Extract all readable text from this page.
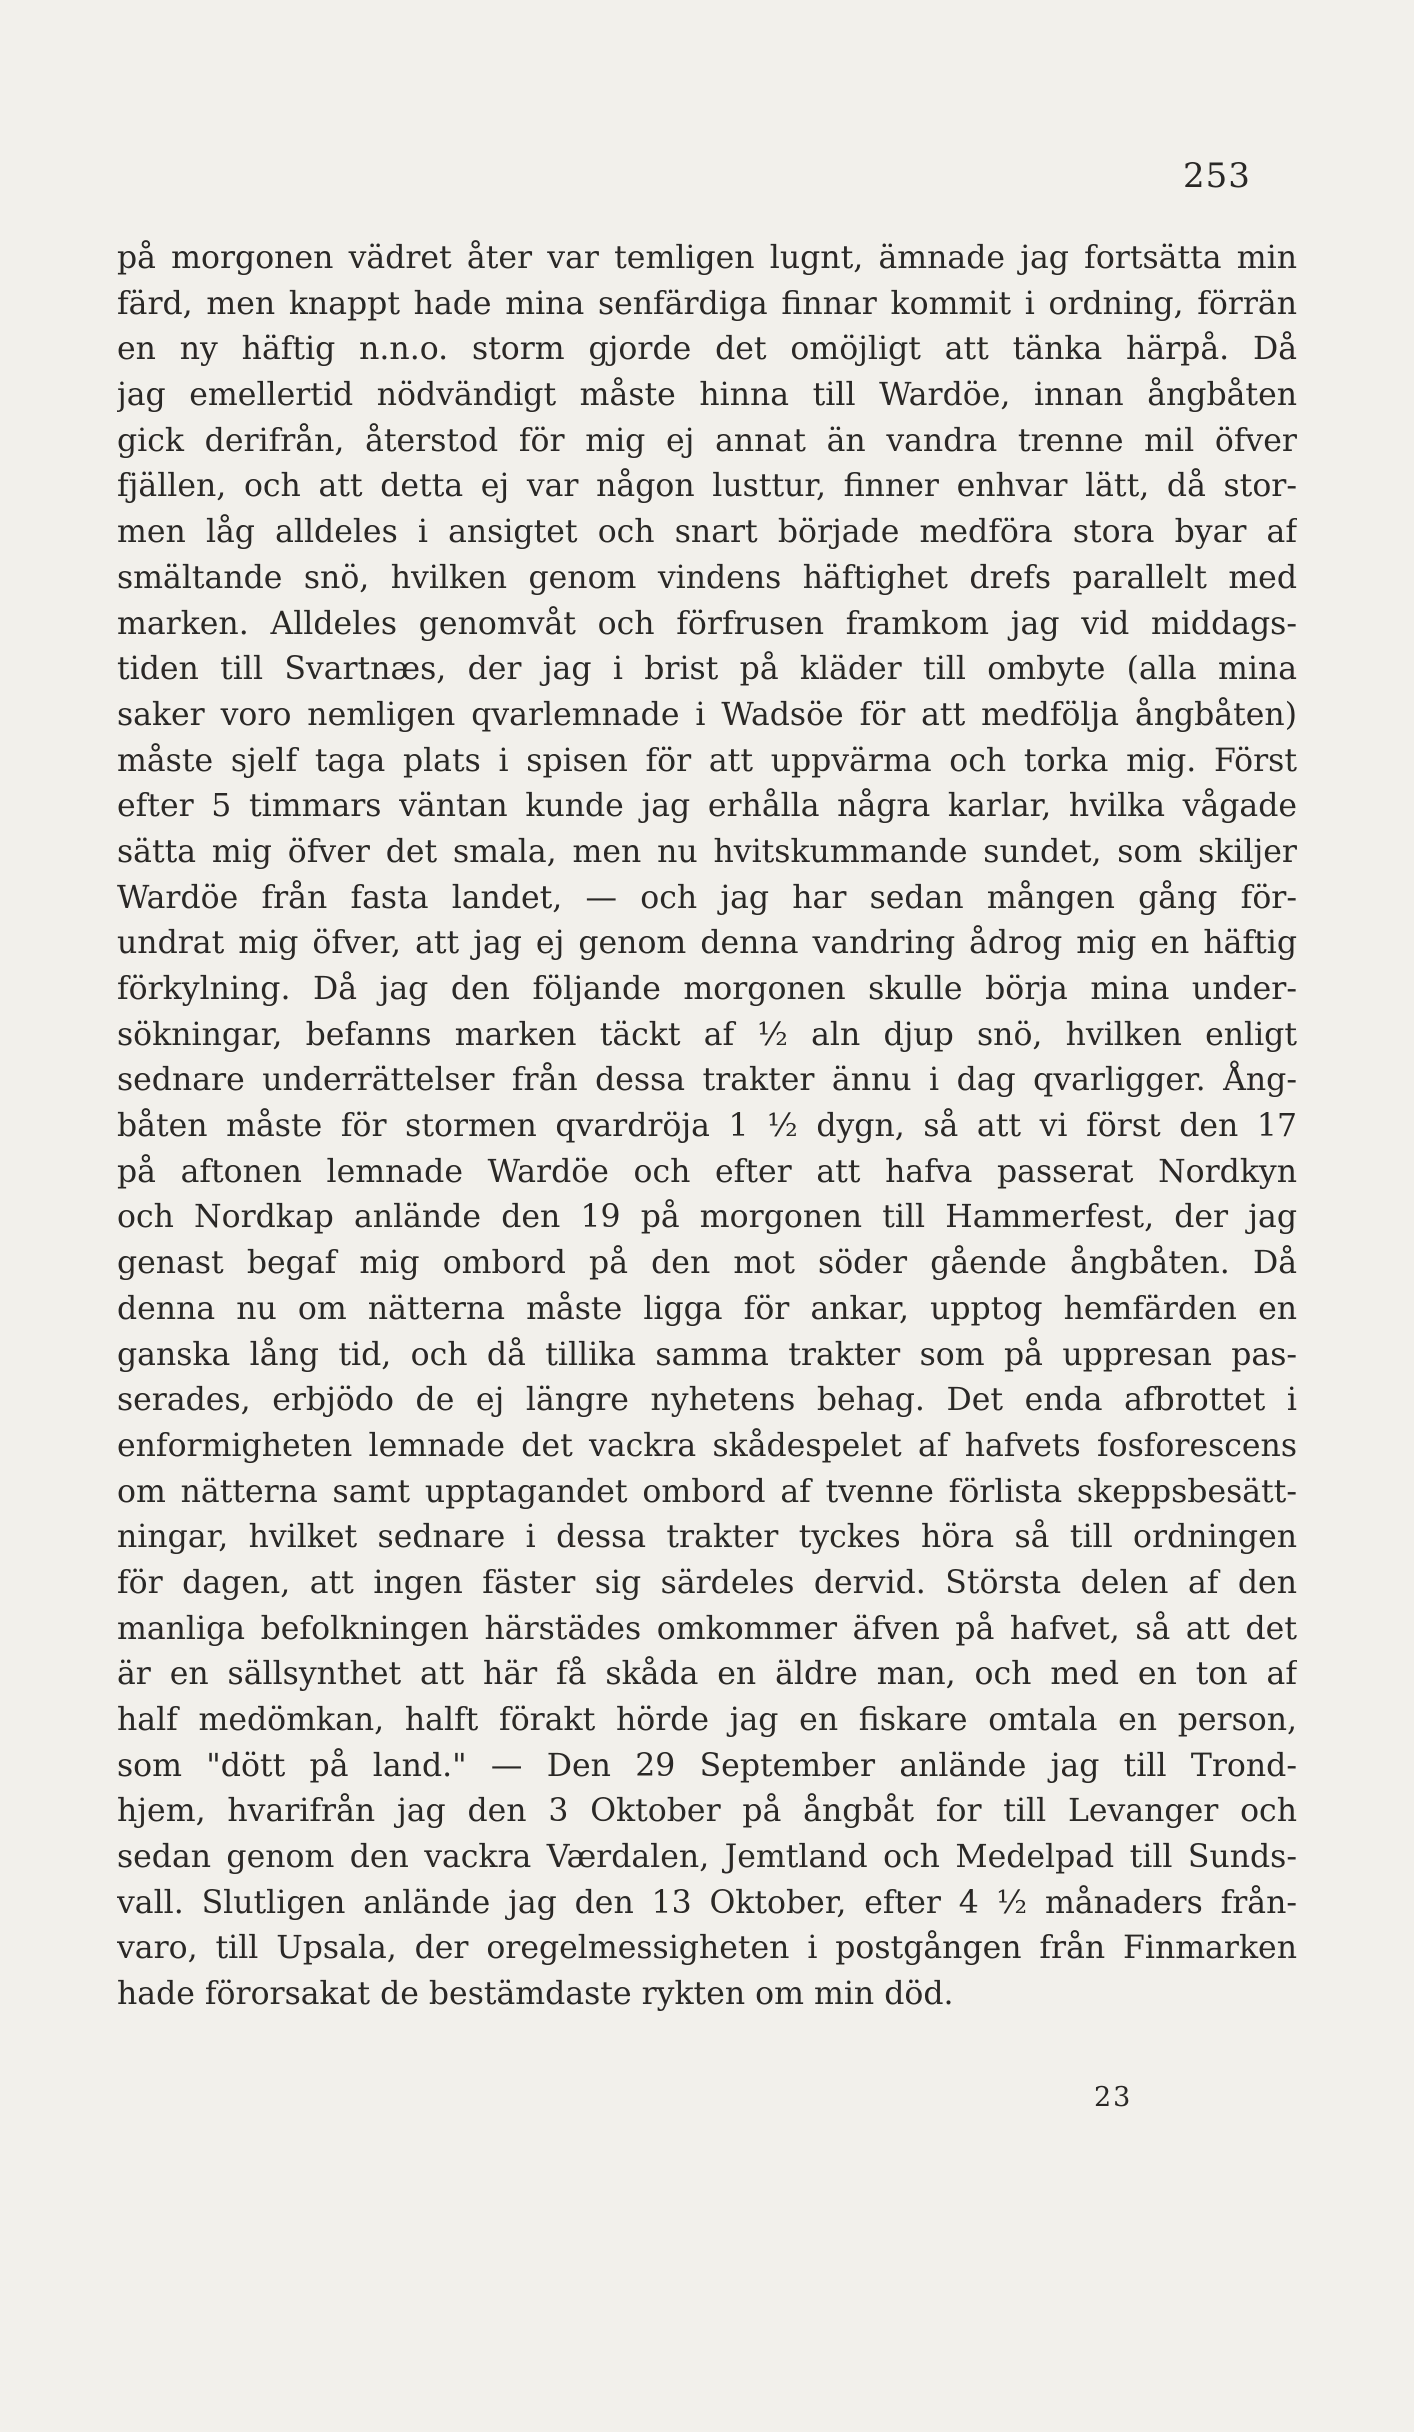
253
på morgonen vädret åter var temligen lugnt, ämnade jag fortsätta min
färd, men knappt hade mina senfärdiga finnar kommit i ordning, förrän
en ny häftig n.n.o. storm gjorde det omöjligt att tänka härpå. Då
jag emellertid nödvändigt måste hinna till Wardöe, innan ångbåten
gick derifrån, återstod för mig ej annat än vandra trenne mil öfver
fjällen, och att detta ej var någon lusttur, finner enhvar lätt, då stor-
men låg alldeles i ansigtet och snart började medföra stora byar af
smältande snö, hvilken genom vindens häftighet drefs parallelt med
marken. Alldeles genomvåt och förfrusen framkom jag vid middags-
tiden till Svartnæs, der jag i brist på kläder till ombyte (alla mina
saker voro nemligen qvarlemnade i Wadsöe för att medfölja ångbåten)
måste sjelf taga plats i spisen för att uppvärma och torka mig. Först
efter 5 timmars väntan kunde jag erhålla några karlar, hvilka vågade
sätta mig öfver det smala, men nu hvitskummande sundet, som skiljer
Wardöe från fasta landet, — och jag har sedan mången gång för-
undrat mig öfver, att jag ej genom denna vandring ådrog mig en häftig
förkylning. Då jag den följande morgonen skulle börja mina under-
sökningar, befanns marken täckt af ½ aln djup snö, hvilken enligt
sednare underrättelser från dessa trakter ännu i dag qvarligger. Ång-
båten måste för stormen qvardröja 1 ½ dygn, så att vi först den 17
på aftonen lemnade Wardöe och efter att hafva passerat Nordkyn
och Nordkap anlände den 19 på morgonen till Hammerfest, der jag
genast begaf mig ombord på den mot söder gående ångbåten. Då
denna nu om nätterna måste ligga för ankar, upptog hemfärden en
ganska lång tid, och då tillika samma trakter som på uppresan pas-
serades, erbjödo de ej längre nyhetens behag. Det enda afbrottet i
enformigheten lemnade det vackra skådespelet af hafvets fosforescens
om nätterna samt upptagandet ombord af tvenne förlista skeppsbesätt-
ningar, hvilket sednare i dessa trakter tyckes höra så till ordningen
för dagen, att ingen fäster sig särdeles dervid. Största delen af den
manliga befolkningen härstädes omkommer äfven på hafvet, så att det
är en sällsynthet att här få skåda en äldre man, och med en ton af
half medömkan, halft förakt hörde jag en fiskare omtala en person,
som "dött på land." — Den 29 September anlände jag till Trond-
hjem, hvarifrån jag den 3 Oktober på ångbåt for till Levanger och
sedan genom den vackra Værdalen, Jemtland och Medelpad till Sunds-
vall. Slutligen anlände jag den 13 Oktober, efter 4 ½ månaders från-
varo, till Upsala, der oregelmessigheten i postgången från Finmarken
hade förorsakat de bestämdaste rykten om min död.
23
